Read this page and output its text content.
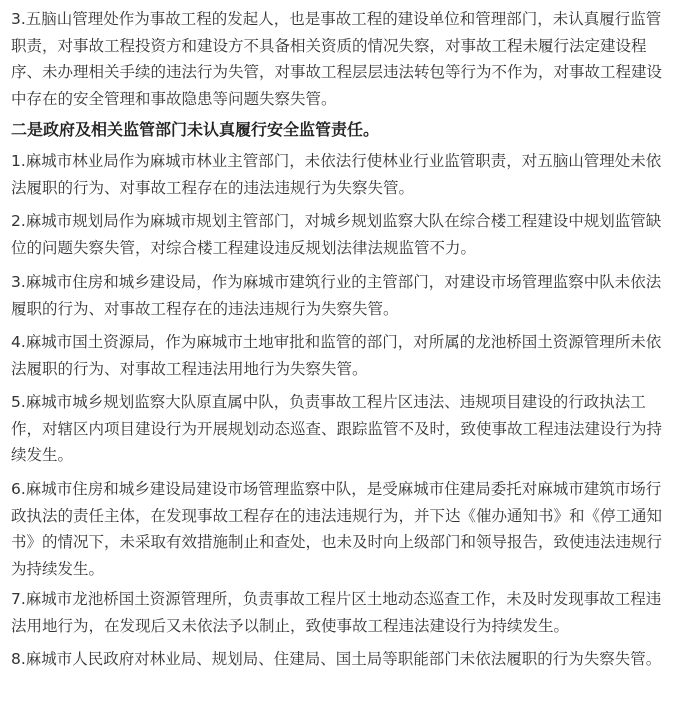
3.五脑山管理处作为事故工程的发起人，也是事故工程的建设单位和管理部门，未认真履行监管职责，对事故工程投资方和建设方不具备相关资质的情况失察，对事故工程未履行法定建设程序、未办理相关手续的违法行为失管，对事故工程层层违法转包等行为不作为，对事故工程建设中存在的安全管理和事故隐患等问题失察失管。

二是政府及相关监管部门未认真履行安全监管责任。

1.麻城市林业局作为麻城市林业主管部门，未依法行使林业行业监管职责，对五脑山管理处未依法履职的行为、对事故工程存在的违法违规行为失察失管。

2.麻城市规划局作为麻城市规划主管部门，对城乡规划监察大队在综合楼工程建设中规划监管缺位的问题失察失管，对综合楼工程建设违反规划法律法规监管不力。

3.麻城市住房和城乡建设局，作为麻城市建筑行业的主管部门，对建设市场管理监察中队未依法履职的行为、对事故工程存在的违法违规行为失察失管。

4.麻城市国土资源局，作为麻城市土地审批和监管的部门，对所属的龙池桥国土资源管理所未依法履职的行为、对事故工程违法用地行为失察失管。

5.麻城市城乡规划监察大队原直属中队，负责事故工程片区违法、违规项目建设的行政执法工作，对辖区内项目建设行为开展规划动态巡查、跟踪监管不及时，致使事故工程违法建设行为持续发生。

6.麻城市住房和城乡建设局建设市场管理监察中队，是受麻城市住建局委托对麻城市建筑市场行政执法的责任主体，在发现事故工程存在的违法违规行为，并下达《催办通知书》和《停工通知书》的情况下，未采取有效措施制止和查处，也未及时向上级部门和领导报告，致使违法违规行为持续发生。

7.麻城市龙池桥国土资源管理所，负责事故工程片区土地动态巡查工作，未及时发现事故工程违法用地行为，在发现后又未依法予以制止，致使事故工程违法建设行为持续发生。

8.麻城市人民政府对林业局、规划局、住建局、国土局等职能部门未依法履职的行为失察失管。
